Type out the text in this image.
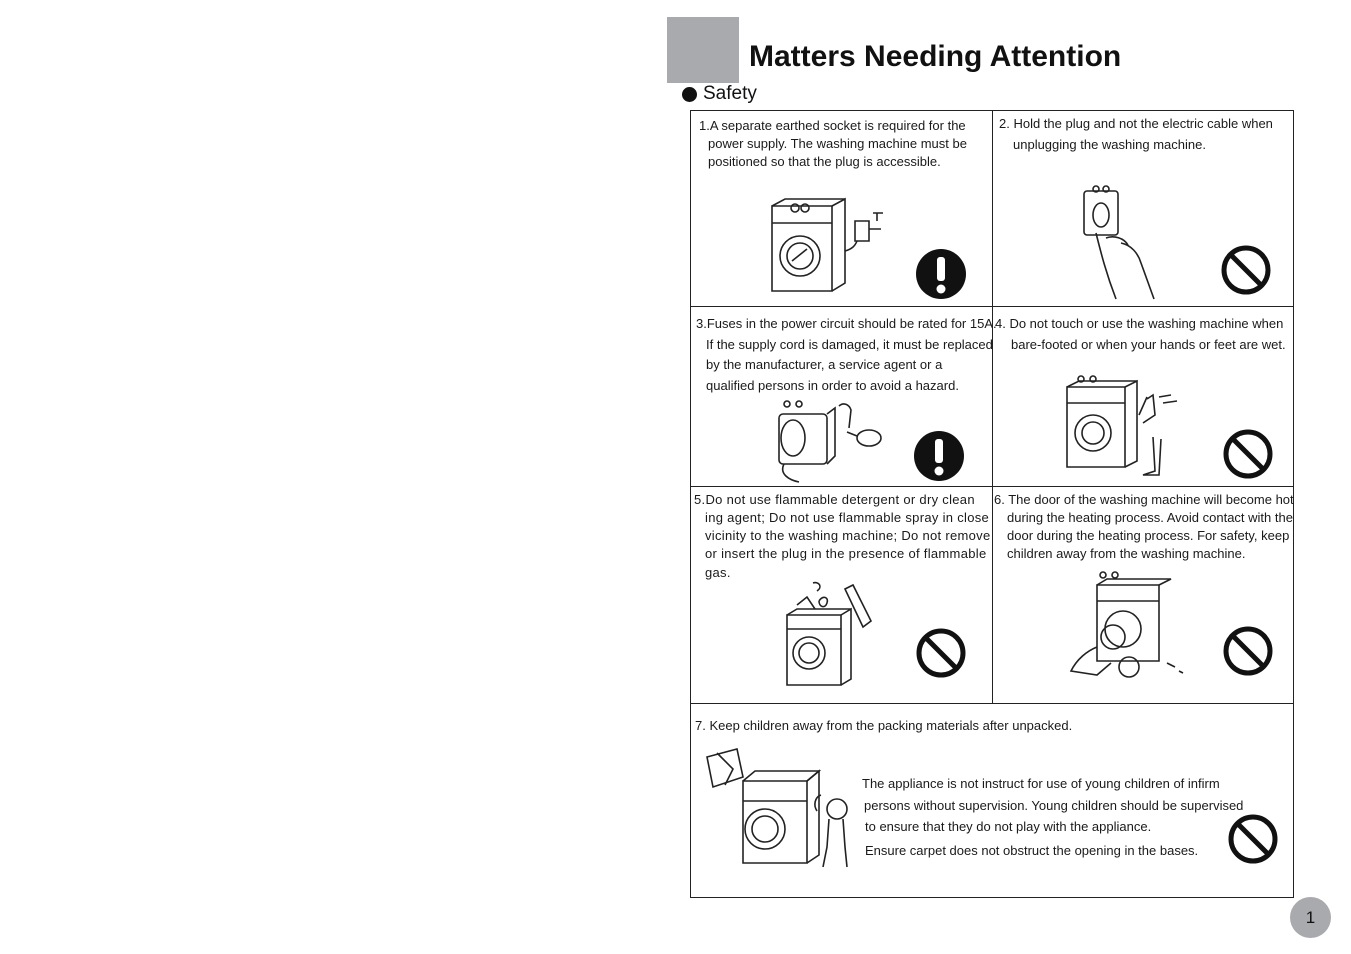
Matters Needing Attention
Safety
1.A separate earthed socket is required for the
power supply. The washing machine must be
positioned so that the plug is accessible.
2. Hold the plug and not the electric cable when
unplugging the washing machine.
3.Fuses in the power circuit should be rated for 15A.
If the supply cord is damaged, it must be replaced
by the manufacturer, a service agent or a
qualified persons in order to avoid a hazard.
4. Do not touch or use the washing machine when
bare-footed or when your hands or feet are wet.
5.Do not use flammable detergent or dry clean
ing agent; Do not use flammable spray in close
vicinity to the washing machine; Do not remove
or insert the plug in the presence of flammable
gas.
6. The door of the washing machine will become hot
during the heating process. Avoid contact with the
door during the heating process. For safety, keep
children away from the washing machine.
7. Keep children away from the packing materials after unpacked.
The appliance is not instruct for use of young children of infirm
persons without supervision. Young children should be supervised
to ensure that they do not play with the appliance.
Ensure carpet does not obstruct the opening in the bases.
1
